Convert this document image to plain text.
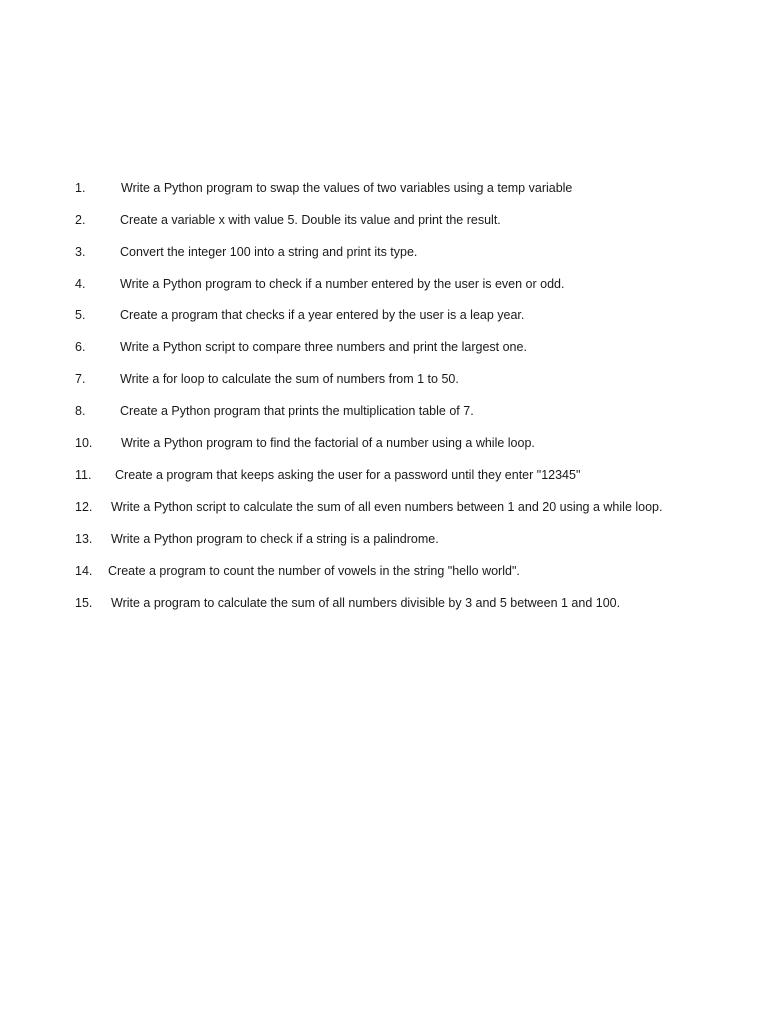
1.	Write a Python program to swap the values of two variables using a temp variable
2.	Create a variable x with value 5. Double its value and print the result.
3.	Convert the integer 100 into a string and print its type.
4.	Write a Python program to check if a number entered by the user is even or odd.
5.	Create a program that checks if a year entered by the user is a leap year.
6.	Write a Python script to compare three numbers and print the largest one.
7.	Write a for loop to calculate the sum of numbers from 1 to 50.
8.	Create a Python program that prints the multiplication table of 7.
10. Write a Python program to find the factorial of a number using a while loop.
11. Create a program that keeps asking the user for a password until they enter "12345"
12. Write a Python script to calculate the sum of all even numbers between 1 and 20 using a while loop.
13. Write a Python program to check if a string is a palindrome.
14. Create a program to count the number of vowels in the string "hello world".
15. Write a program to calculate the sum of all numbers divisible by 3 and 5 between 1 and 100.
